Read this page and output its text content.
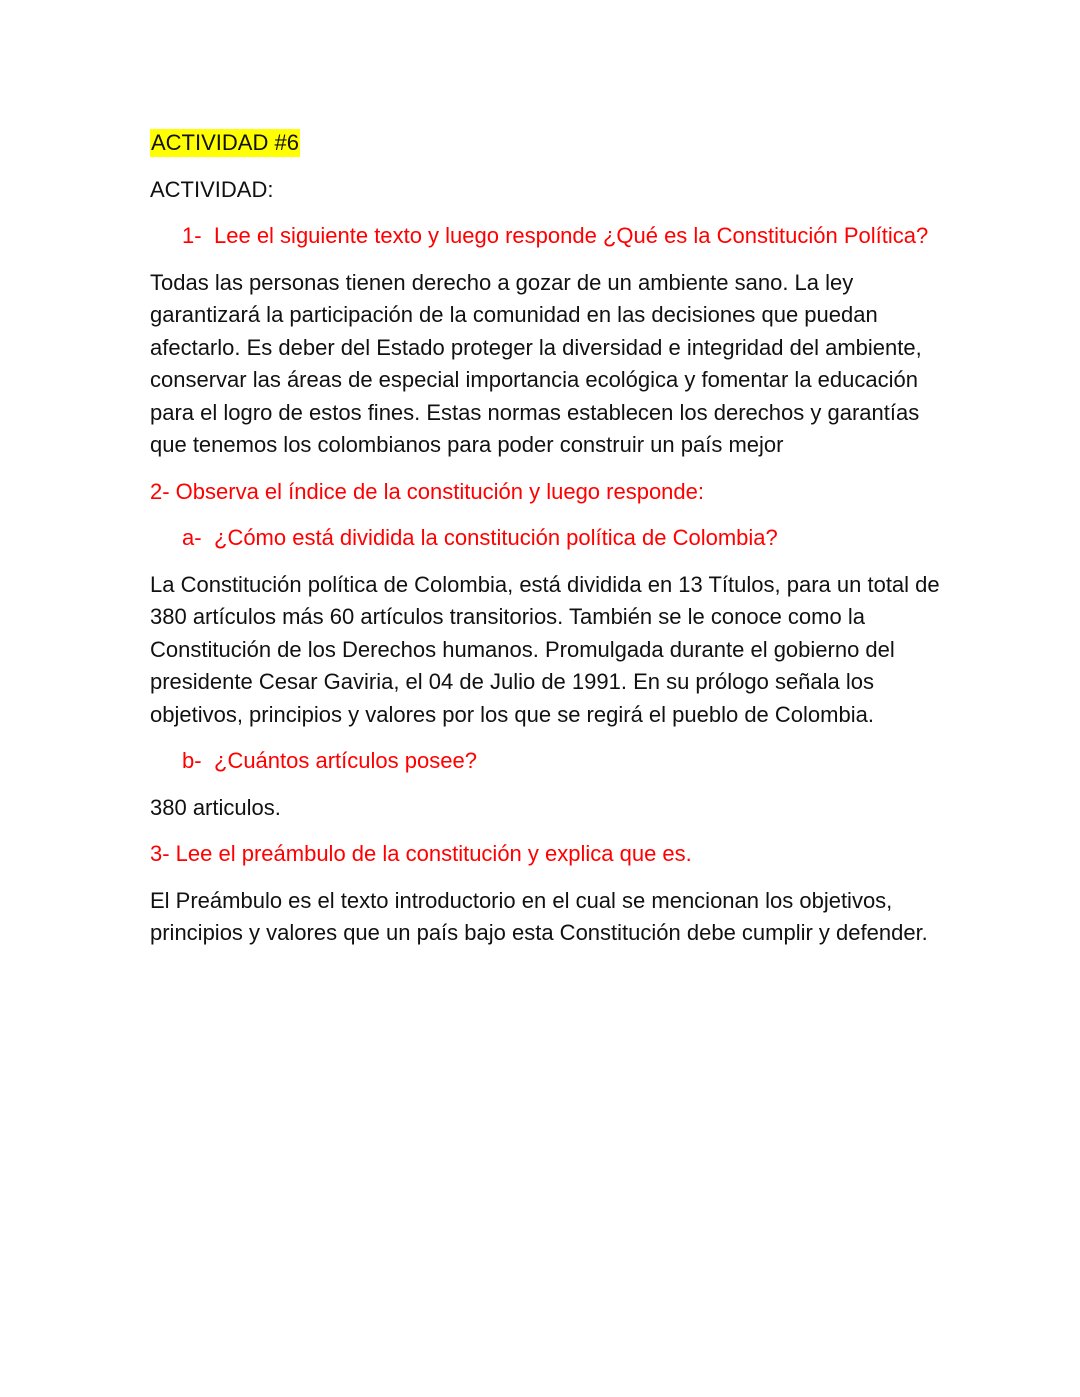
ACTIVIDAD #6

ACTIVIDAD:

1- Lee el siguiente texto y luego responde ¿Qué es la Constitución Política?

Todas las personas tienen derecho a gozar de un ambiente sano. La ley garantizará la participación de la comunidad en las decisiones que puedan afectarlo. Es deber del Estado proteger la diversidad e integridad del ambiente, conservar las áreas de especial importancia ecológica y fomentar la educación para el logro de estos fines. Estas normas establecen los derechos y garantías que tenemos los colombianos para poder construir un país mejor

2- Observa el índice de la constitución y luego responde:

a- ¿Cómo está dividida la constitución política de Colombia?

La Constitución política de Colombia, está dividida en 13 Títulos, para un total de 380 artículos más 60 artículos transitorios. También se le conoce como la Constitución de los Derechos humanos. Promulgada durante el gobierno del presidente Cesar Gaviria, el 04 de Julio de 1991. En su prólogo señala los objetivos, principios y valores por los que se regirá el pueblo de Colombia.

b- ¿Cuántos artículos posee?

380 articulos.

3- Lee el preámbulo de la constitución y explica que es.

El Preámbulo es el texto introductorio en el cual se mencionan los objetivos, principios y valores que un país bajo esta Constitución debe cumplir y defender.
